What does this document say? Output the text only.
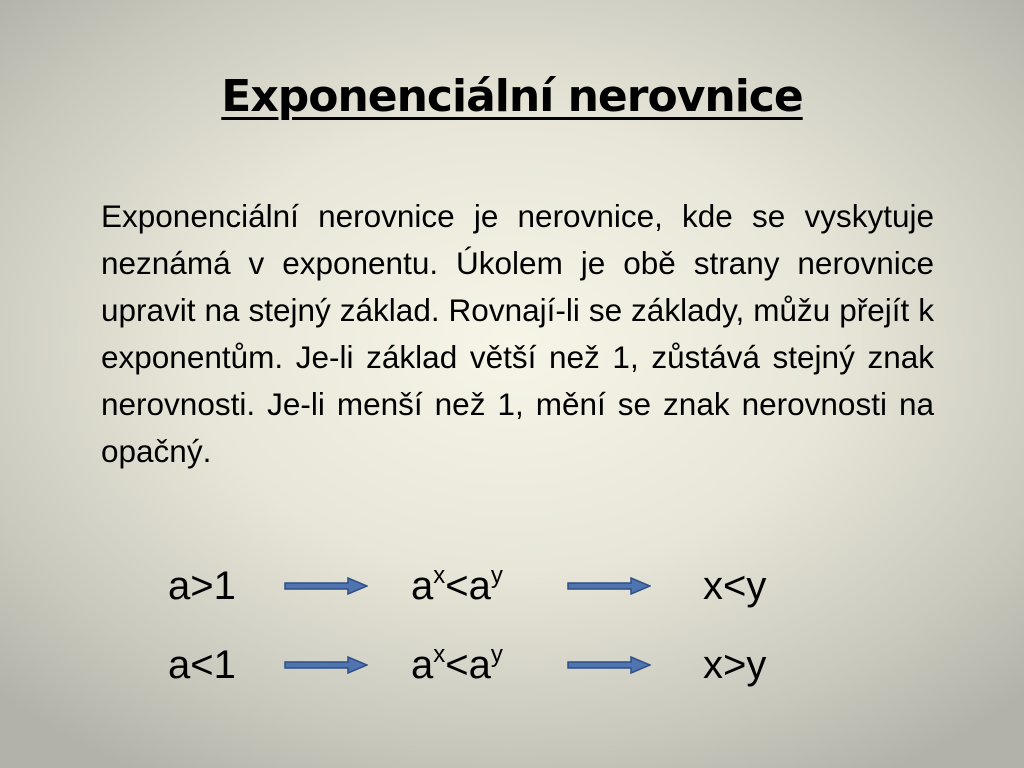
Exponenciální nerovnice

Exponenciální nerovnice je nerovnice, kde se vyskytuje neznámá v exponentu. Úkolem je obě strany nerovnice upravit na stejný základ. Rovnají-li se základy, můžu přejít k exponentům. Je-li základ větší než 1, zůstává stejný znak nerovnosti. Je-li menší než 1, mění se znak nerovnosti na opačný.

a>1	$a^x<a^y$	x<y
a<1	$a^x<a^y$	x>y
